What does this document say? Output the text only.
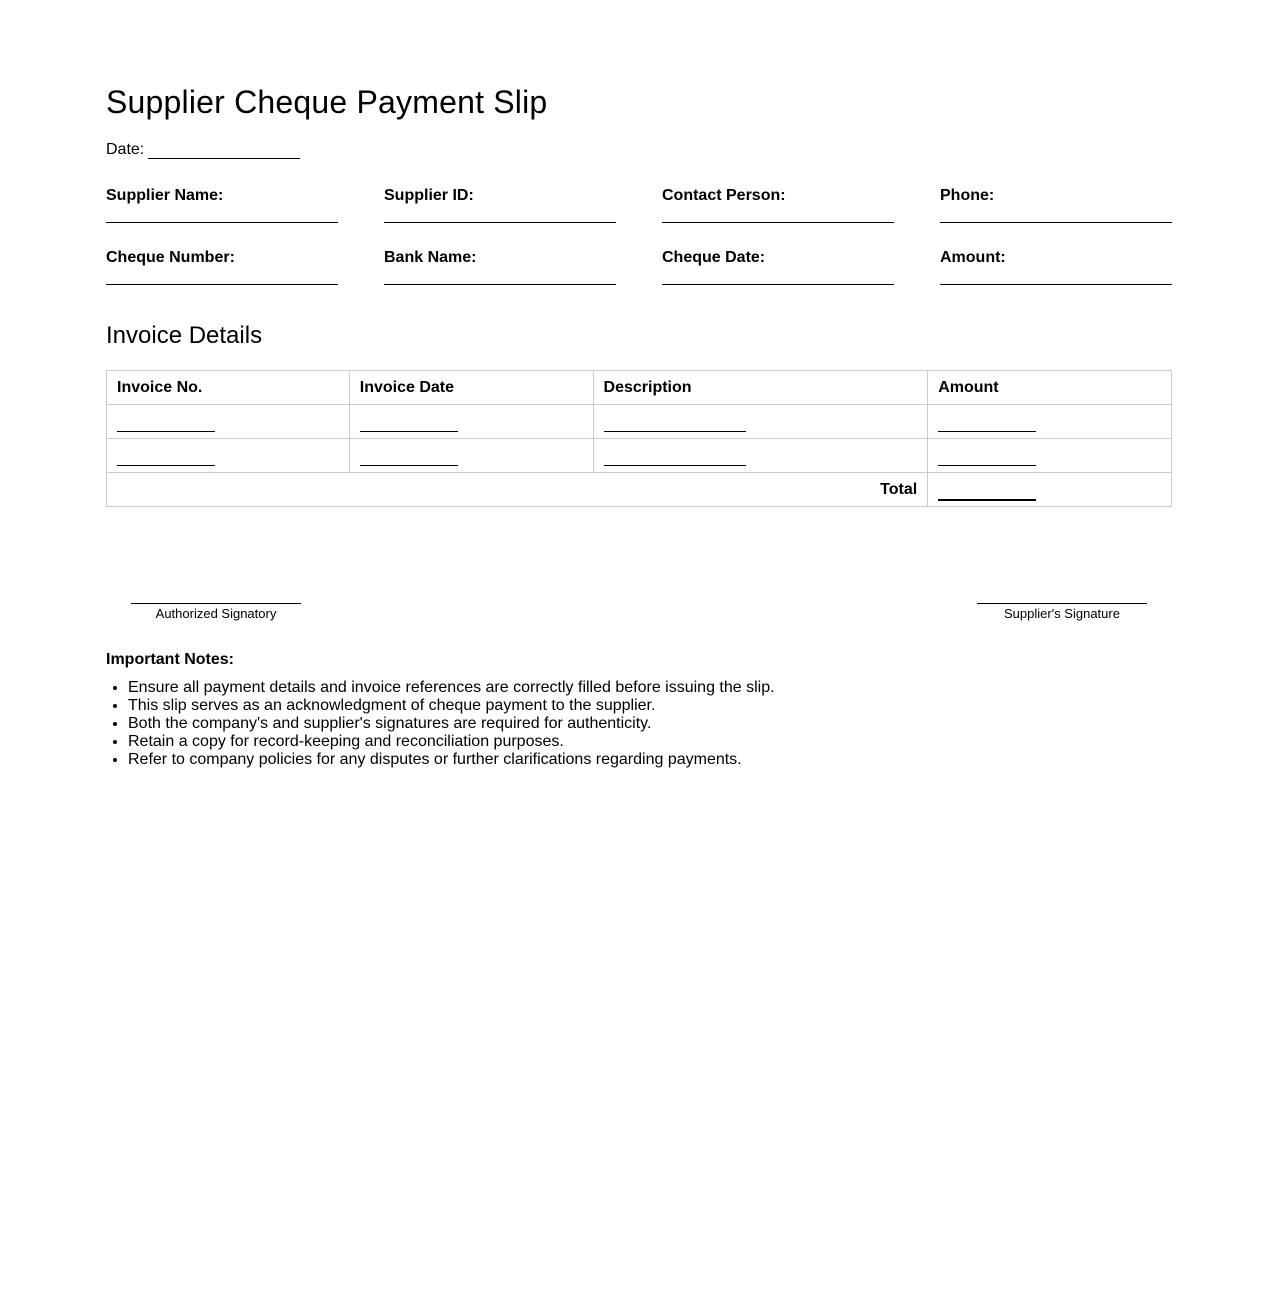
Supplier Cheque Payment Slip
Date:
Supplier Name:	Supplier ID:	Contact Person:	Phone:
Cheque Number:	Bank Name:	Cheque Date:	Amount:
Invoice Details
Invoice No.	Invoice Date	Description	Amount

Total			
Authorized Signatory	Supplier's Signature
Important Notes:
• Ensure all payment details and invoice references are correctly filled before issuing the slip.
• This slip serves as an acknowledgment of cheque payment to the supplier.
• Both the company's and supplier's signatures are required for authenticity.
• Retain a copy for record-keeping and reconciliation purposes.
• Refer to company policies for any disputes or further clarifications regarding payments.
